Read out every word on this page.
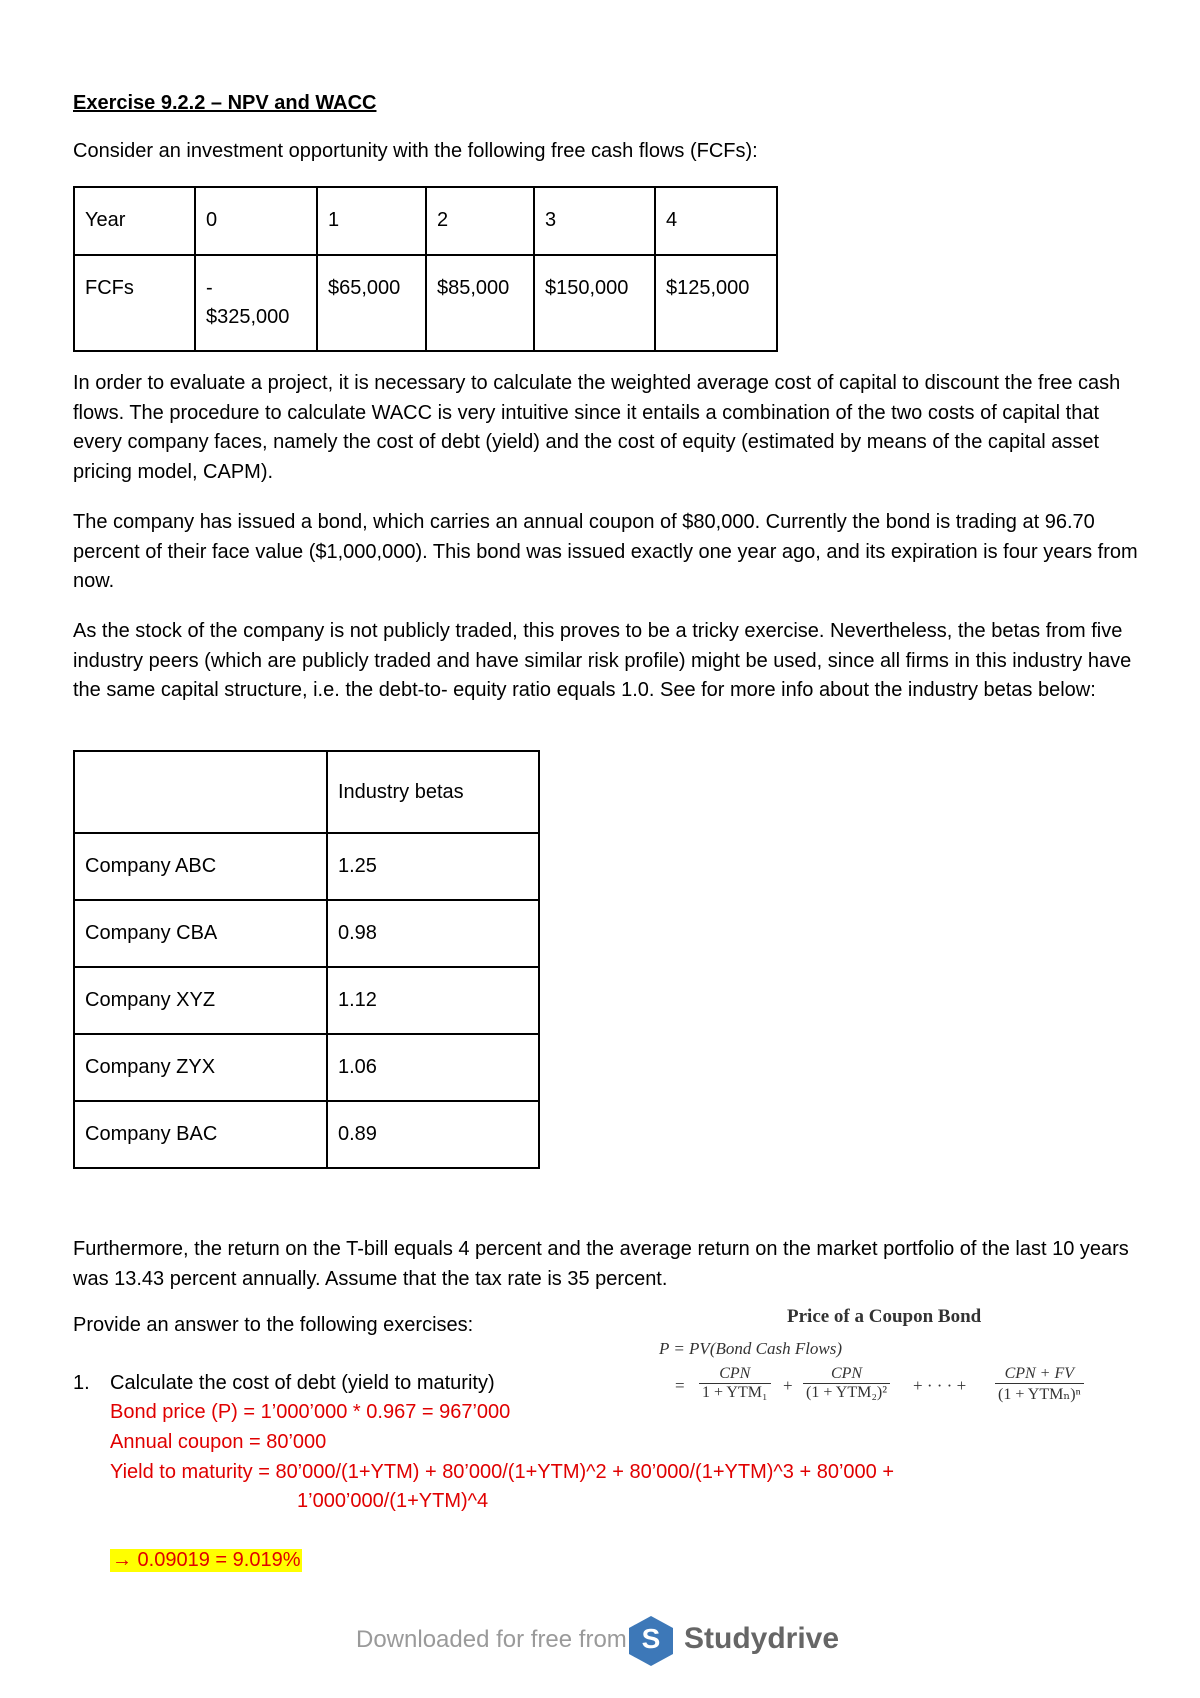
Exercise 9.2.2 – NPV and WACC
Consider an investment opportunity with the following free cash flows (FCFs):
Year	0	1	2	3	4
FCFs	- $325,000	$65,000	$85,000	$150,000	$125,000

In order to evaluate a project, it is necessary to calculate the weighted average cost of capital to discount the free cash flows. The procedure to calculate WACC is very intuitive since it entails a combination of the two costs of capital that every company faces, namely the cost of debt (yield) and the cost of equity (estimated by means of the capital asset pricing model, CAPM).

The company has issued a bond, which carries an annual coupon of $80,000. Currently the bond is trading at 96.70 percent of their face value ($1,000,000). This bond was issued exactly one year ago, and its expiration is four years from now.

As the stock of the company is not publicly traded, this proves to be a tricky exercise. Nevertheless, the betas from five industry peers (which are publicly traded and have similar risk profile) might be used, since all firms in this industry have the same capital structure, i.e. the debt-to- equity ratio equals 1.0. See for more info about the industry betas below:

	Industry betas
Company ABC	1.25
Company CBA	0.98
Company XYZ	1.12
Company ZYX	1.06
Company BAC	0.89

Furthermore, the return on the T-bill equals 4 percent and the average return on the market portfolio of the last 10 years was 13.43 percent annually. Assume that the tax rate is 35 percent.

Provide an answer to the following exercises:	Price of a Coupon Bond
P = PV(Bond Cash Flows)
=
CPN
1 + YTM₁ +
CPN
(1 + YTM₂)² + · · · +
CPN + FV
(1 + YTMₙ)ⁿ
1. Calculate the cost of debt (yield to maturity)
Bond price (P) = 1’000’000 * 0.967 = 967’000
Annual coupon = 80’000
Yield to maturity = 80’000/(1+YTM) + 80’000/(1+YTM)^2 + 80’000/(1+YTM)^3 + 80’000 +
1’000’000/(1+YTM)^4
→ 0.09019 = 9.019%
Downloaded for free from S Studydrive
